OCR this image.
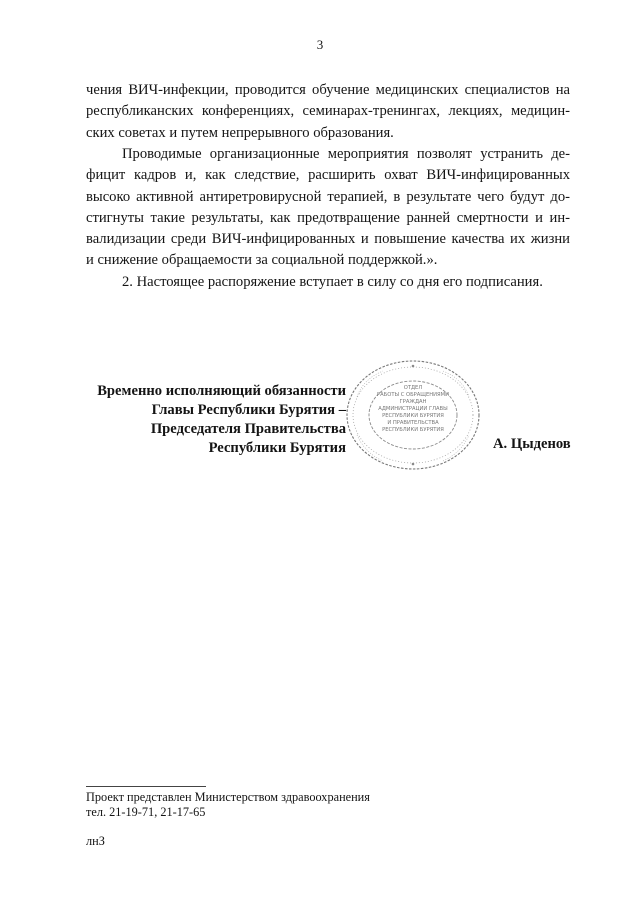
3

чения ВИЧ-инфекции, проводится обучение медицинских специалистов на
республиканских конференциях, семинарах-тренингах, лекциях, медицин-
ских советах и путем непрерывного образования.

Проводимые организационные мероприятия позволят устранить де-
фицит кадров и, как следствие, расширить охват ВИЧ-инфицированных
высоко активной антиретровирусной терапией, в результате чего будут до-
стигнуты такие результаты, как предотвращение ранней смертности и ин-
валидизации среди ВИЧ-инфицированных и повышение качества их жизни
и снижение обращаемости за социальной поддержкой.».

2. Настоящее распоряжение вступает в силу со дня его подписания.
Временно исполняющий обязанности
Главы Республики Бурятия –
Председателя Правительства
Республики Бурятия
ОТДЕЛ
РАБОТЫ С ОБРАЩЕНИЯМИ
ГРАЖДАН
АДМИНИСТРАЦИИ ГЛАВЫ
РЕСПУБЛИКИ БУРЯТИЯ
И ПРАВИТЕЛЬСТВА
РЕСПУБЛИКИ БУРЯТИЯ
А. Цыденов
Проект представлен Министерством здравоохранения
тел. 21-19-71, 21-17-65
лнЗ
